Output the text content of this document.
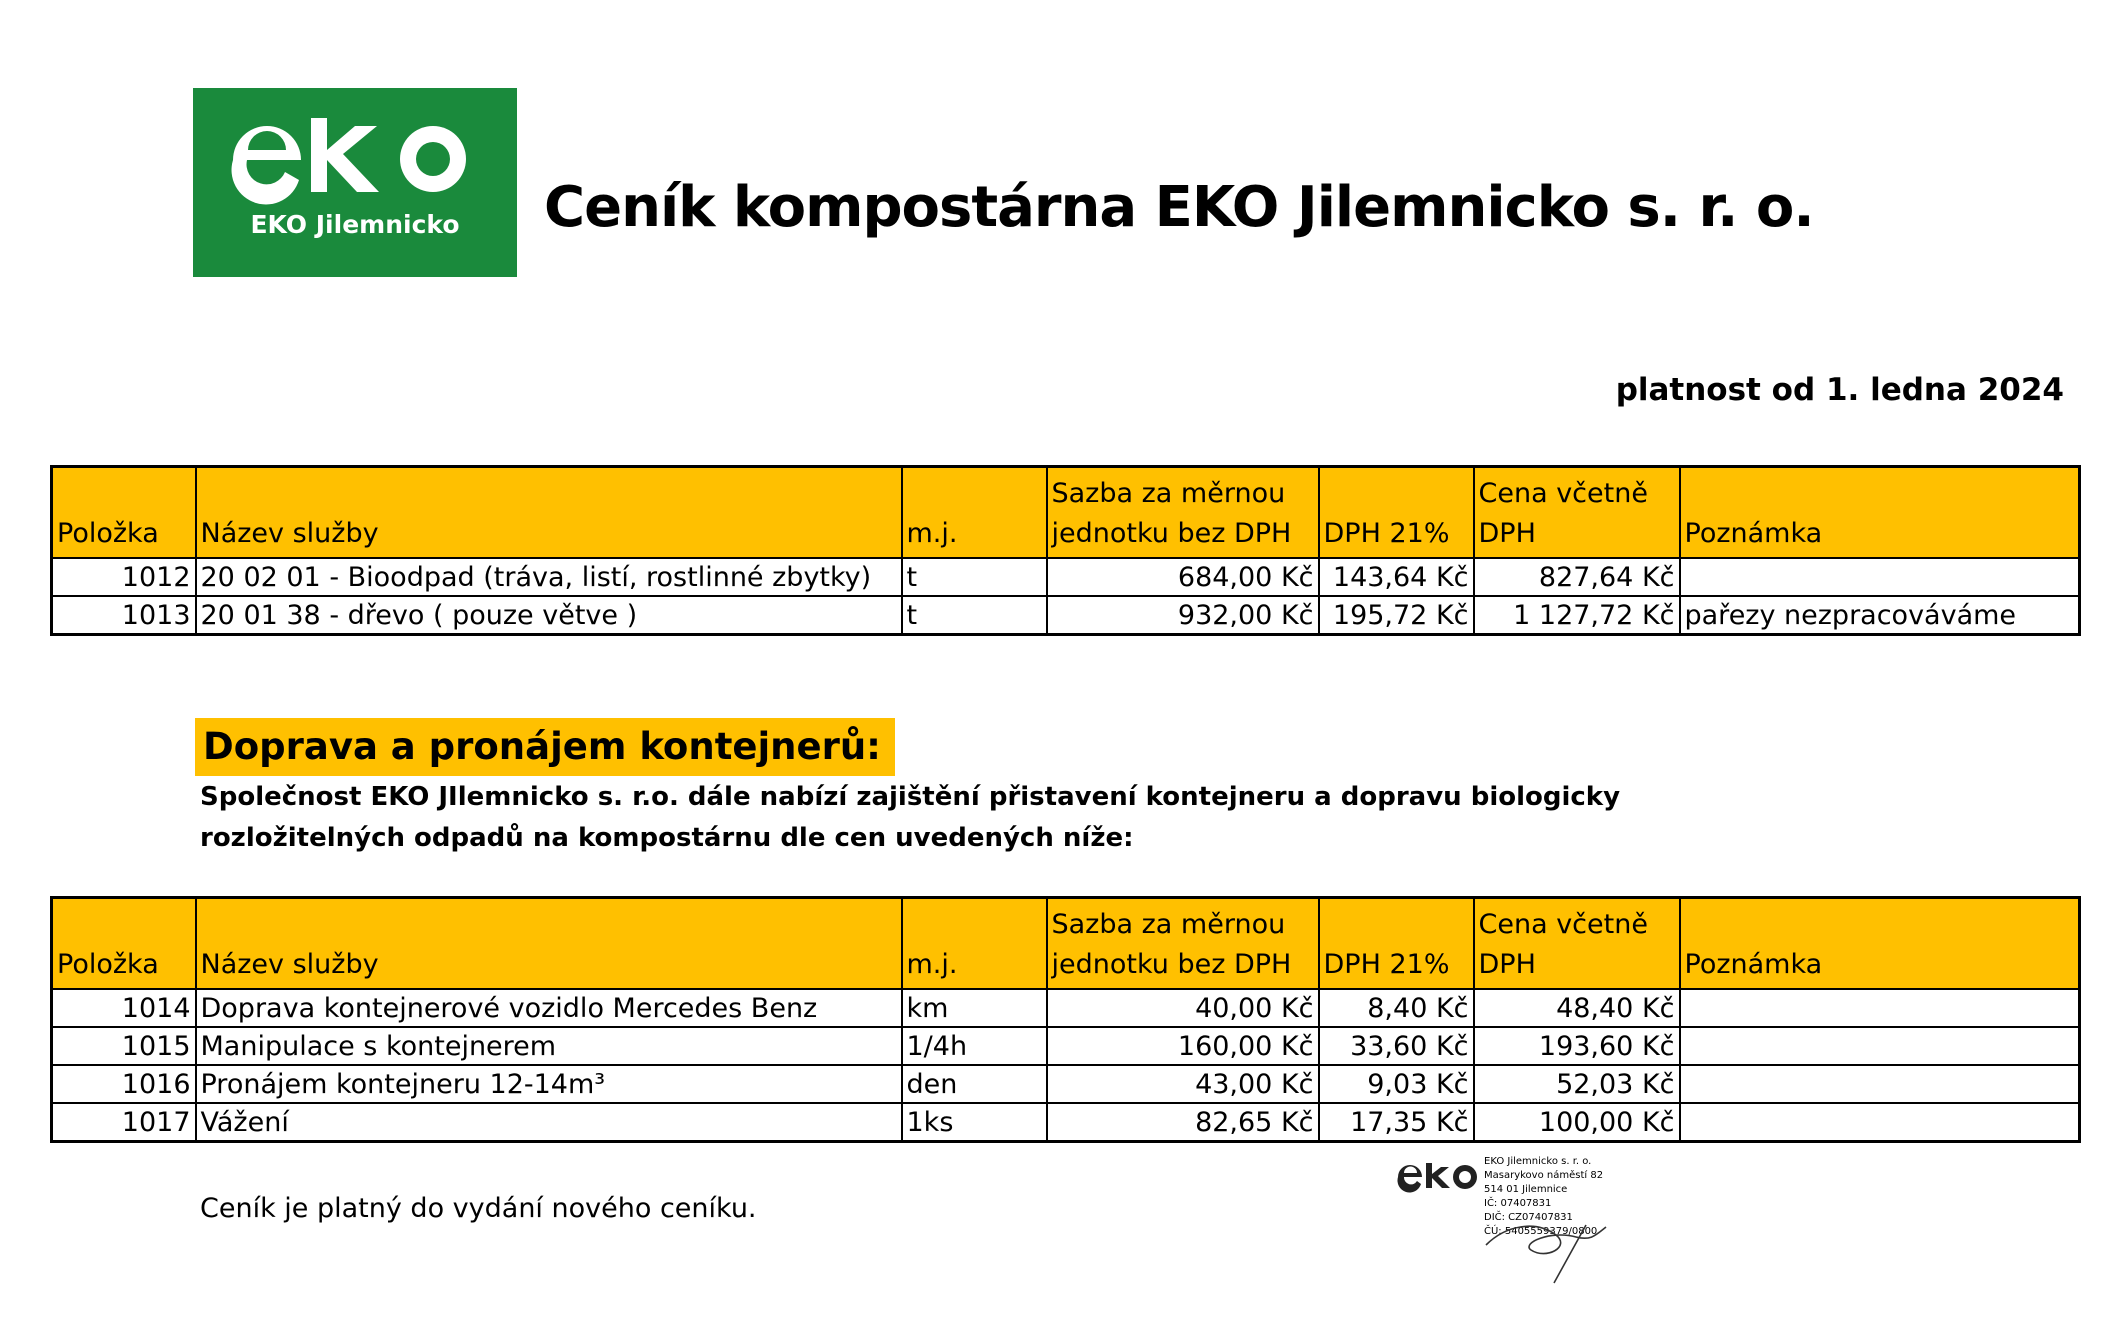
EKO Jilemnicko	Ceník kompostárna EKO Jilemnicko s. r. o.
platnost od 1. ledna 2024
Položka	Název služby	m.j.	Sazba za měrnou jednotku bez DPH	DPH 21%	Cena včetně DPH	Poznámka
1012	20 02 01 - Bioodpad (tráva, listí, rostlinné zbytky)	t	684,00 Kč	143,64 Kč	827,64 Kč	
1013	20 01 38 - dřevo ( pouze větve )	t	932,00 Kč	195,72 Kč	1 127,72 Kč	pařezy nezpracováváme
Doprava a pronájem kontejnerů:
Společnost EKO JIlemnicko s. r.o. dále nabízí zajištění přistavení kontejneru a dopravu biologicky rozložitelných odpadů na kompostárnu dle cen uvedených níže:
Položka	Název služby	m.j.	Sazba za měrnou jednotku bez DPH	DPH 21%	Cena včetně DPH	Poznámka
1014	Doprava kontejnerové vozidlo Mercedes Benz	km	40,00 Kč	8,40 Kč	48,40 Kč	
1015	Manipulace s kontejnerem	1/4h	160,00 Kč	33,60 Kč	193,60 Kč	
1016	Pronájem kontejneru 12-14m³	den	43,00 Kč	9,03 Kč	52,03 Kč	
1017	Vážení	1ks	82,65 Kč	17,35 Kč	100,00 Kč	
Ceník je platný do vydání nového ceníku.
EKO Jilemnicko s. r. o.
Masarykovo náměstí 82
514 01 Jilemnice
IČ: 07407831
DIČ: CZ07407831
ČÚ: 5405559379/0800
